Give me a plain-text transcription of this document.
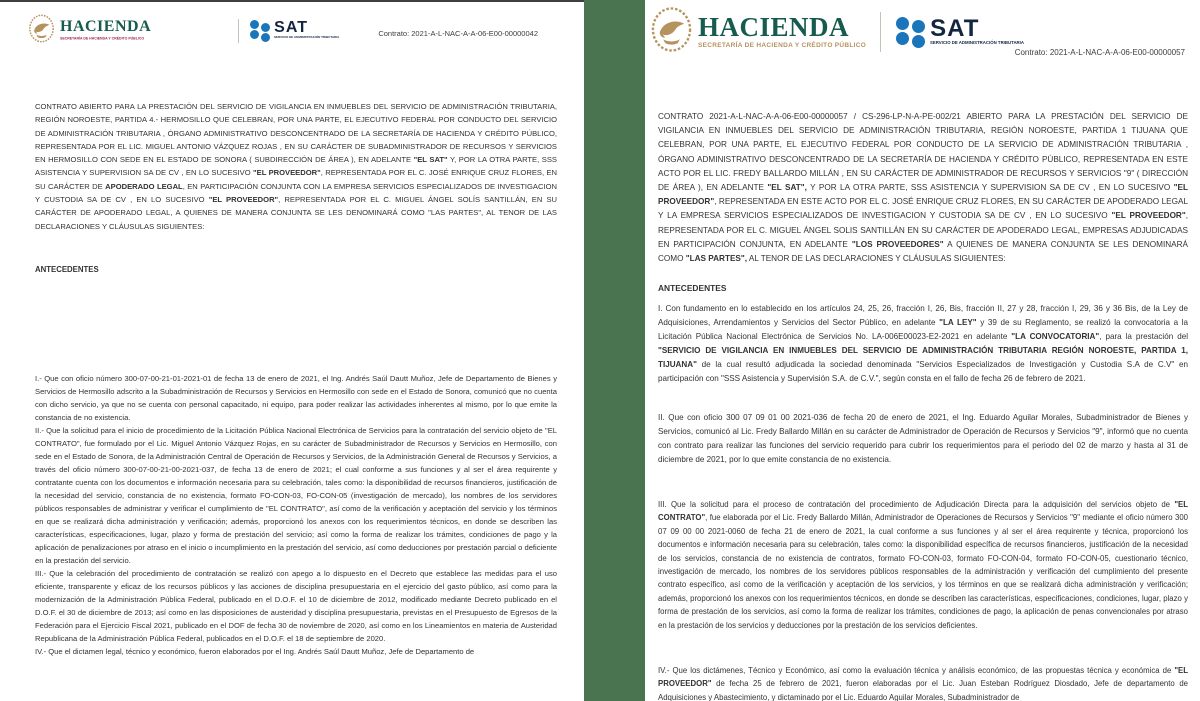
HACIENDA
SECRETARÍA DE HACIENDA Y CRÉDITO PÚBLICO
SAT
SERVICIO DE ADMINISTRACIÓN TRIBUTARIA	Contrato: 2021-A-L-NAC-A-A-06-E00-00000042

CONTRATO ABIERTO PARA LA PRESTACIÓN DEL SERVICIO DE VIGILANCIA EN INMUEBLES DEL SERVICIO DE ADMINISTRACIÓN TRIBUTARIA, REGIÓN NOROESTE, PARTIDA 4.- HERMOSILLO QUE CELEBRAN, POR UNA PARTE, EL EJECUTIVO FEDERAL POR CONDUCTO DEL SERVICIO DE ADMINISTRACIÓN TRIBUTARIA , ÓRGANO ADMINISTRATIVO DESCONCENTRADO DE LA SECRETARÍA DE HACIENDA Y CRÉDITO PÚBLICO, REPRESENTADA POR EL LIC. MIGUEL ANTONIO VÁZQUEZ ROJAS , EN SU CARÁCTER DE SUBADMINISTRADOR DE RECURSOS Y SERVICIOS EN HERMOSILLO CON SEDE EN EL ESTADO DE SONORA ( SUBDIRECCIÓN DE ÁREA ), EN ADELANTE "EL SAT" Y, POR LA OTRA PARTE, SSS ASISTENCIA Y SUPERVISION SA DE CV , EN LO SUCESIVO "EL PROVEEDOR", REPRESENTADA POR EL C. JOSÉ ENRIQUE CRUZ FLORES, EN SU CARÁCTER DE APODERADO LEGAL, EN PARTICIPACIÓN CONJUNTA CON LA EMPRESA SERVICIOS ESPECIALIZADOS DE INVESTIGACION Y CUSTODIA SA DE CV , EN LO SUCESIVO "EL PROVEEDOR", REPRESENTADA POR EL C. MIGUEL ÁNGEL SOLÍS SANTILLÁN, EN SU CARÁCTER DE APODERADO LEGAL, A QUIENES DE MANERA CONJUNTA SE LES DENOMINARÁ COMO "LAS PARTES", AL TENOR DE LAS DECLARACIONES Y CLÁUSULAS SIGUIENTES:

ANTECEDENTES

I.- Que con oficio número 300-07-00-21-01-2021-01 de fecha 13 de enero de 2021, el Ing. Andrés Saúl Dautt Muñoz, Jefe de Departamento de Bienes y Servicios de Hermosillo adscrito a la Subadministración de Recursos y Servicios en Hermosillo con sede en el Estado de Sonora, comunicó que no cuenta con dicho servicio, ya que no se cuenta con personal capacitado, ni equipo, para poder realizar las actividades inherentes al mismo, por lo que emite la constancia de no existencia.

II.- Que la solicitud para el inicio de procedimiento de la Licitación Pública Nacional Electrónica de Servicios para la contratación del servicio objeto de "EL CONTRATO", fue formulado por el Lic. Miguel Antonio Vázquez Rojas, en su carácter de Subadministrador de Recursos y Servicios en Hermosillo, con sede en el Estado de Sonora, de la Administración Central de Operación de Recursos y Servicios, de la Administración General de Recursos y Servicios, a través del oficio número 300-07-00-21-00-2021-037, de fecha 13 de enero de 2021; el cual conforme a sus funciones y al ser el área requirente y contratante cuenta con los documentos e información necesaria para su celebración, tales como: la disponibilidad de recursos financieros, justificación de la necesidad del servicio, constancia de no existencia, formato FO-CON-03, FO-CON-05 (investigación de mercado), los nombres de los servidores públicos responsables de administrar y verificar el cumplimiento de "EL CONTRATO", así como de la verificación y aceptación del servicio y los términos en que se realizará dicha administración y verificación; además, proporcionó los anexos con los requerimientos técnicos, en donde se describen las características, especificaciones, lugar, plazo y forma de prestación del servicio; así como la forma de realizar los trámites, condiciones de pago y la aplicación de penalizaciones por atraso en el inicio o incumplimiento en la prestación del servicio, así como deducciones por prestación parcial o deficiente en la prestación del servicio.

III.- Que la celebración del procedimiento de contratación se realizó con apego a lo dispuesto en el Decreto que establece las medidas para el uso eficiente, transparente y eficaz de los recursos públicos y las acciones de disciplina presupuestaria en el ejercicio del gasto público, así como para la modernización de la Administración Pública Federal, publicado en el D.O.F. el 10 de diciembre de 2012, modificado mediante Decreto publicado en el D.O.F. el 30 de diciembre de 2013; así como en las disposiciones de austeridad y disciplina presupuestaria, previstas en el Presupuesto de Egresos de la Federación para el Ejercicio Fiscal 2021, publicado en el DOF de fecha 30 de noviembre de 2020, así como en los Lineamientos en materia de Austeridad Republicana de la Administración Pública Federal, publicados en el D.O.F. el 18 de septiembre de 2020.

IV.- Que el dictamen legal, técnico y económico, fueron elaborados por el Ing. Andrés Saúl Dautt Muñoz, Jefe de Departamento de

HACIENDA
SECRETARÍA DE HACIENDA Y CRÉDITO PÚBLICO
SAT
SERVICIO DE ADMINISTRACIÓN TRIBUTARIA
Contrato: 2021-A-L-NAC-A-A-06-E00-00000057

CONTRATO 2021-A-L-NAC-A-A-06-E00-00000057 / CS-296-LP-N-A-PE-002/21 ABIERTO PARA LA PRESTACIÓN DEL SERVICIO DE VIGILANCIA EN INMUEBLES DEL SERVICIO DE ADMINISTRACIÓN TRIBUTARIA, REGIÓN NOROESTE, PARTIDA 1 TIJUANA QUE CELEBRAN, POR UNA PARTE, EL EJECUTIVO FEDERAL POR CONDUCTO DE LA SERVICIO DE ADMINISTRACIÓN TRIBUTARIA , ÓRGANO ADMINISTRATIVO DESCONCENTRADO DE LA SECRETARÍA DE HACIENDA Y CRÉDITO PÚBLICO, REPRESENTADA EN ESTE ACTO POR EL LIC. FREDY BALLARDO MILLÁN , EN SU CARÁCTER DE ADMINISTRADOR DE RECURSOS Y SERVICIOS "9" ( DIRECCIÓN DE ÁREA ), EN ADELANTE "EL SAT", Y POR LA OTRA PARTE, SSS ASISTENCIA Y SUPERVISION SA DE CV , EN LO SUCESIVO "EL PROVEEDOR", REPRESENTADA EN ESTE ACTO POR EL C. JOSÉ ENRIQUE CRUZ FLORES, EN SU CARÁCTER DE APODERADO LEGAL Y LA EMPRESA SERVICIOS ESPECIALIZADOS DE INVESTIGACION Y CUSTODIA SA DE CV , EN LO SUCESIVO "EL PROVEEDOR", REPRESENTADA POR EL C. MIGUEL ÁNGEL SOLIS SANTILLÁN EN SU CARÁCTER DE APODERADO LEGAL, EMPRESAS ADJUDICADAS EN PARTICIPACIÓN CONJUNTA, EN ADELANTE "LOS PROVEEDORES" A QUIENES DE MANERA CONJUNTA SE LES DENOMINARÁ COMO "LAS PARTES", AL TENOR DE LAS DECLARACIONES Y CLÁUSULAS SIGUIENTES:

ANTECEDENTES

I. Con fundamento en lo establecido en los artículos 24, 25, 26, fracción I, 26, Bis, fracción II, 27 y 28, fracción I, 29, 36 y 36 Bis, de la Ley de Adquisiciones, Arrendamientos y Servicios del Sector Público, en adelante "LA LEY" y 39 de su Reglamento, se realizó la convocatoria a la Licitación Pública Nacional Electrónica de Servicios No. LA-006E00023-E2-2021 en adelante "LA CONVOCATORIA", para la prestación del "SERVICIO DE VIGILANCIA EN INMUEBLES DEL SERVICIO DE ADMINISTRACIÓN TRIBUTARIA REGIÓN NOROESTE, PARTIDA 1, TIJUANA" de la cual resultó adjudicada la sociedad denominada "Servicios Especializados de Investigación y Custodia S.A de C.V" en participación con "SSS Asistencia y Supervisión S.A. de C.V.", según consta en el fallo de fecha 26 de febrero de 2021.

II. Que con oficio 300 07 09 01 00 2021-036 de fecha 20 de enero de 2021, el Ing. Eduardo Aguilar Morales, Subadministrador de Bienes y Servicios, comunicó al Lic. Fredy Ballardo Millán en su carácter de Administrador de Operación de Recursos y Servicios "9", informó que no cuenta con contrato para realizar las funciones del servicio requerido para cubrir los requerimientos para el periodo del 02 de marzo y hasta al 31 de diciembre de 2021, por lo que emite constancia de no existencia.

III. Que la solicitud para el proceso de contratación del procedimiento de Adjudicación Directa para la adquisición del servicios objeto de "EL CONTRATO", fue elaborada por el Lic. Fredy Ballardo Millán, Administrador de Operaciones de Recursos y Servicios "9" mediante el oficio número 300 07 09 00 00 2021-0060 de fecha 21 de enero de 2021, la cual conforme a sus funciones y al ser el área requirente y técnica, proporcionó los documentos e información necesaria para su celebración, tales como: la disponibilidad específica de recursos financieros, justificación de la necesidad de los servicios, constancia de no existencia de contratos, formato FO-CON-03, formato FO-CON-04, formato FO-CON-05, cuestionario técnico, investigación de mercado, los nombres de los servidores públicos responsables de la administración y verificación del cumplimiento del presente contrato específico, así como de la verificación y aceptación de los servicios, y los términos en que se realizará dicha administración y verificación; además, proporcionó los anexos con los requerimientos técnicos, en donde se describen las características, especificaciones, condiciones, lugar, plazo y forma de prestación de los servicios, así como la forma de realizar los trámites, condiciones de pago, la aplicación de penas convencionales por atraso en la prestación de los servicios y deducciones por la prestación de los servicios deficientes.

IV.- Que los dictámenes, Técnico y Económico, así como la evaluación técnica y análisis económico, de las propuestas técnica y económica de "EL PROVEEDOR" de fecha 25 de febrero de 2021, fueron elaboradas por el Lic. Juan Esteban Rodríguez Diosdado, Jefe de departamento de Adquisiciones y Abastecimiento, y dictaminado por el Lic. Eduardo Aguilar Morales, Subadministrador de
